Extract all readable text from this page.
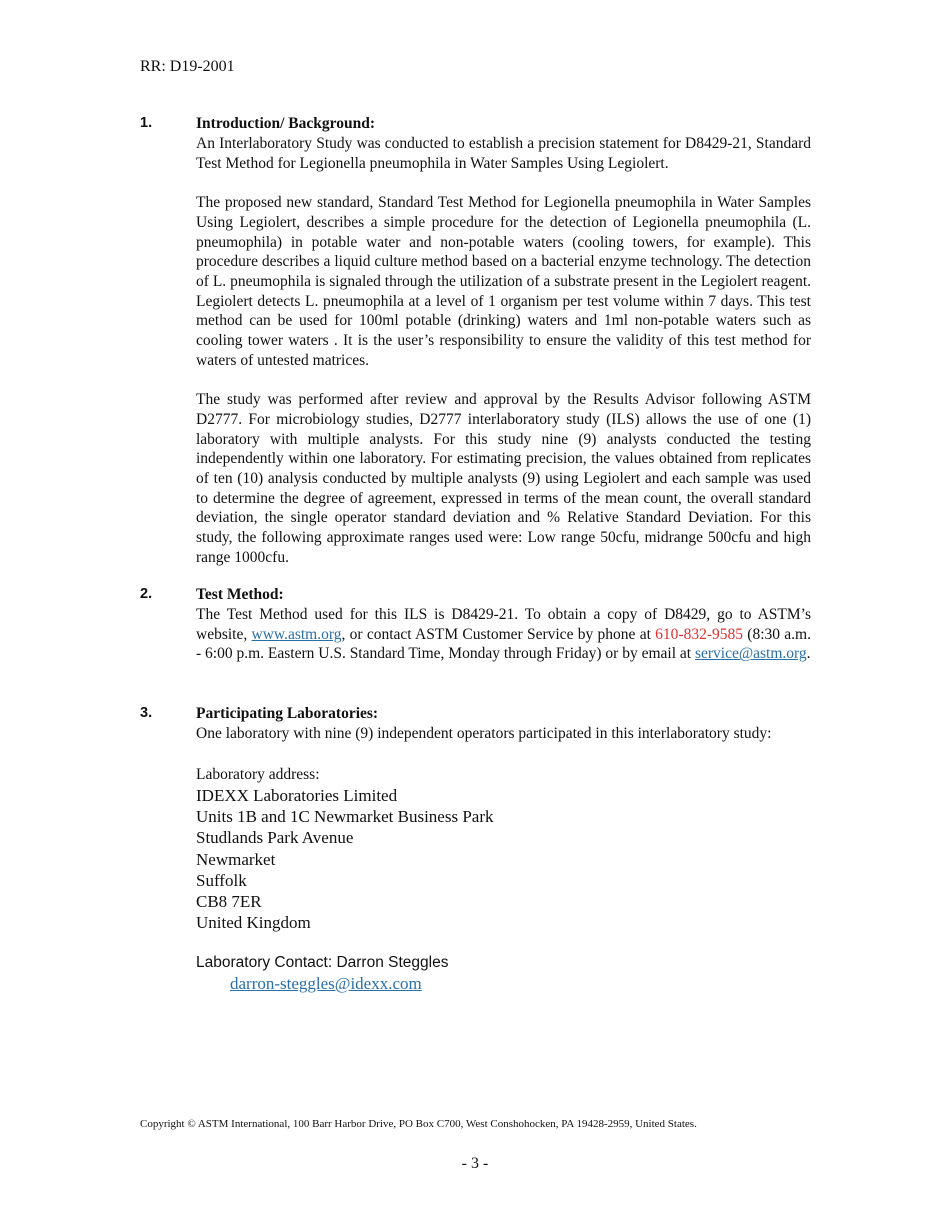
RR: D19-2001
1.	Introduction/ Background:

An Interlaboratory Study was conducted to establish a precision statement for D8429-21, Standard Test Method for Legionella pneumophila in Water Samples Using Legiolert.

The proposed new standard, Standard Test Method for Legionella pneumophila in Water Samples Using Legiolert, describes a simple procedure for the detection of Legionella pneumophila (L. pneumophila) in potable water and non-potable waters (cooling towers, for example). This procedure describes a liquid culture method based on a bacterial enzyme technology. The detection of L. pneumophila is signaled through the utilization of a substrate present in the Legiolert reagent. Legiolert detects L. pneumophila at a level of 1 organism per test volume within 7 days. This test method can be used for 100ml potable (drinking) waters and 1ml non-potable waters such as cooling tower waters . It is the user’s responsibility to ensure the validity of this test method for waters of untested matrices.

The study was performed after review and approval by the Results Advisor following ASTM D2777. For microbiology studies, D2777 interlaboratory study (ILS) allows the use of one (1) laboratory with multiple analysts. For this study nine (9) analysts conducted the testing independently within one laboratory. For estimating precision, the values obtained from replicates of ten (10) analysis conducted by multiple analysts (9) using Legiolert and each sample was used to determine the degree of agreement, expressed in terms of the mean count, the overall standard deviation, the single operator standard deviation and % Relative Standard Deviation. For this study, the following approximate ranges used were: Low range 50cfu, midrange 500cfu and high range 1000cfu.

2.	Test Method:

The Test Method used for this ILS is D8429-21. To obtain a copy of D8429, go to ASTM’s website, www.astm.org, or contact ASTM Customer Service by phone at 610-832-9585 (8:30 a.m. - 6:00 p.m. Eastern U.S. Standard Time, Monday through Friday) or by email at service@astm.org.

3.	Participating Laboratories:

One laboratory with nine (9) independent operators participated in this interlaboratory study:

Laboratory address:
IDEXX Laboratories Limited
Units 1B and 1C Newmarket Business Park
Studlands Park Avenue
Newmarket
Suffolk
CB8 7ER
United Kingdom
Laboratory Contact: Darron Steggles
darron-steggles@idexx.com
Copyright © ASTM International, 100 Barr Harbor Drive, PO Box C700, West Conshohocken, PA 19428-2959, United States.
- 3 -
